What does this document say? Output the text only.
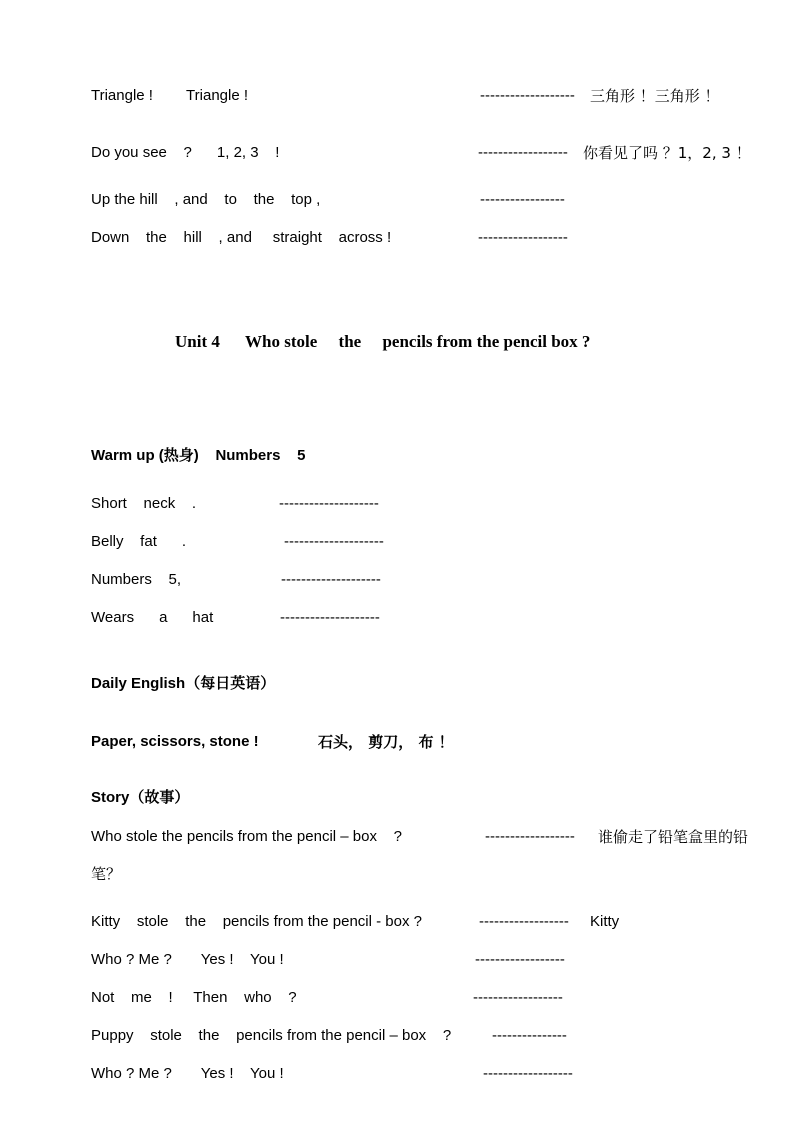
Triangle !        Triangle !	------------------- 三角形 ！三角形 ！
Do you see    ?      1, 2, 3    !	------------------ 你看见了吗 ？1，2, 3 ！
Up the hill    , and    to    the    top ,	-----------------
Down    the    hill    , and     straight    across !	------------------
Unit 4      Who stole     the     pencils from the pencil box ?
Warm up (热身)    Numbers    5
Short    neck    .	--------------------
Belly    fat      .	--------------------
Numbers    5,	--------------------
Wears      a      hat	--------------------
Daily English（每日英语）
Paper, scissors, stone !	石头， 剪刀， 布 ！
Story（故事）
Who stole the pencils from the pencil – box    ?	------------------ 谁偷走了铅笔盒里的铅
笔？
Kitty    stole    the    pencils from the pencil - box ?	------------------ Kitty
Who ? Me ?       Yes !    You !	------------------
Not    me    !     Then    who    ?	------------------
Puppy    stole    the    pencils from the pencil – box    ?	---------------
Who ? Me ?       Yes !    You !	------------------
